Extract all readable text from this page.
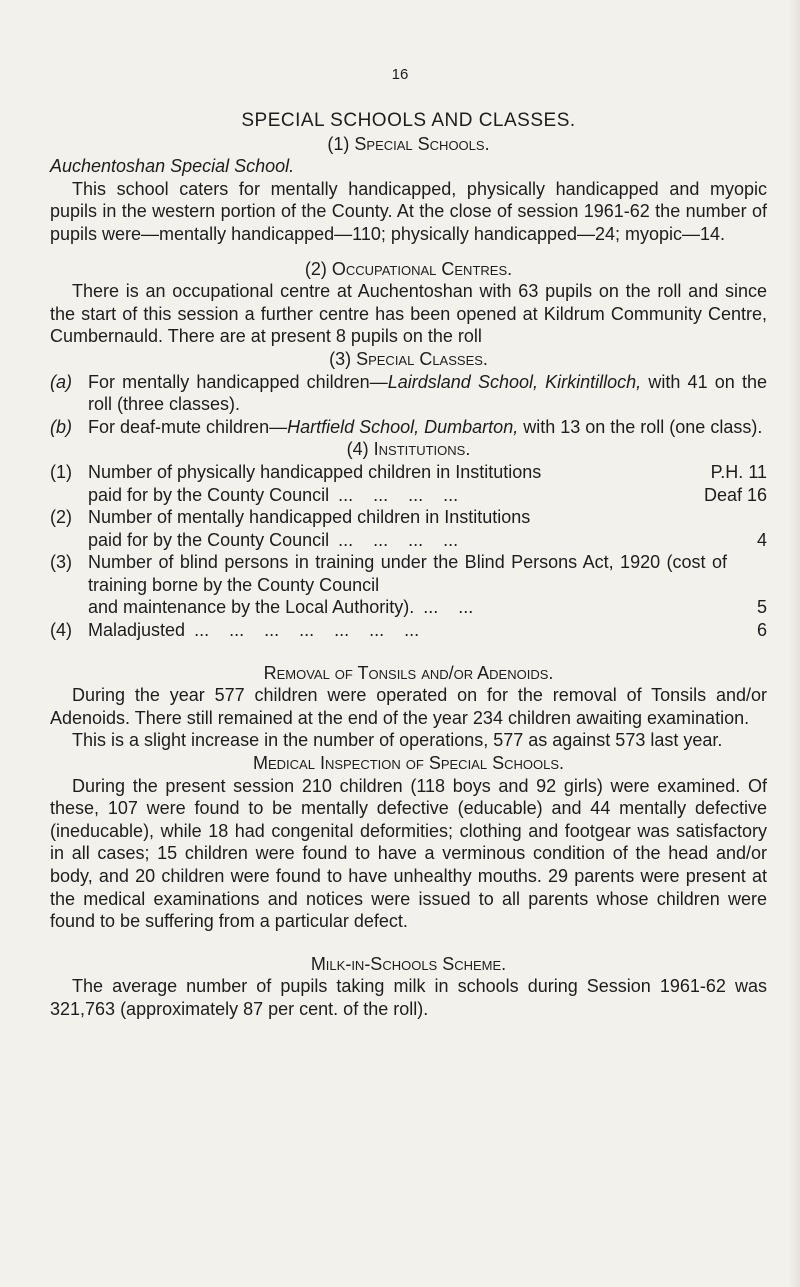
16
SPECIAL SCHOOLS AND CLASSES.
(1) Special Schools.
Auchentoshan Special School.

This school caters for mentally handicapped, physically handicapped and myopic pupils in the western portion of the County. At the close of session 1961-62 the number of pupils were—mentally handicapped—110; physically handicapped—24; myopic—14.

(2) Occupational Centres.

There is an occupational centre at Auchentoshan with 63 pupils on the roll and since the start of this session a further centre has been opened at Kildrum Community Centre, Cumbernauld. There are at present 8 pupils on the roll

(3) Special Classes.
(a) For mentally handicapped children—Lairdsland School, Kirkintilloch, with 41 on the roll (three classes).
(b) For deaf-mute children—Hartfield School, Dumbarton, with 13 on the roll (one class).
(4) Institutions.
(1) Number of physically handicapped children in Institutions	P.H. 11
paid for by the County Council ...    ...    ...    ...	Deaf 16
(2) Number of mentally handicapped children in Institutions
paid for by the County Council ...    ...    ...    ...	4
(3) Number of blind persons in training under the Blind Persons Act, 1920 (cost of training borne by the County Council
and maintenance by the Local Authority). ...    ...	5
(4) Maladjusted ...    ...    ...    ...    ...    ...    ...	6
Removal of Tonsils and/or Adenoids.

During the year 577 children were operated on for the removal of Tonsils and/or Adenoids. There still remained at the end of the year 234 children awaiting examination.

This is a slight increase in the number of operations, 577 as against 573 last year.

Medical Inspection of Special Schools.

During the present session 210 children (118 boys and 92 girls) were examined. Of these, 107 were found to be mentally defective (educable) and 44 mentally defective (ineducable), while 18 had congenital deformities; clothing and footgear was satisfactory in all cases; 15 children were found to have a verminous condition of the head and/or body, and 20 children were found to have unhealthy mouths. 29 parents were present at the medical examinations and notices were issued to all parents whose children were found to be suffering from a particular defect.

Milk-in-Schools Scheme.

The average number of pupils taking milk in schools during Session 1961-62 was 321,763 (approximately 87 per cent. of the roll).
